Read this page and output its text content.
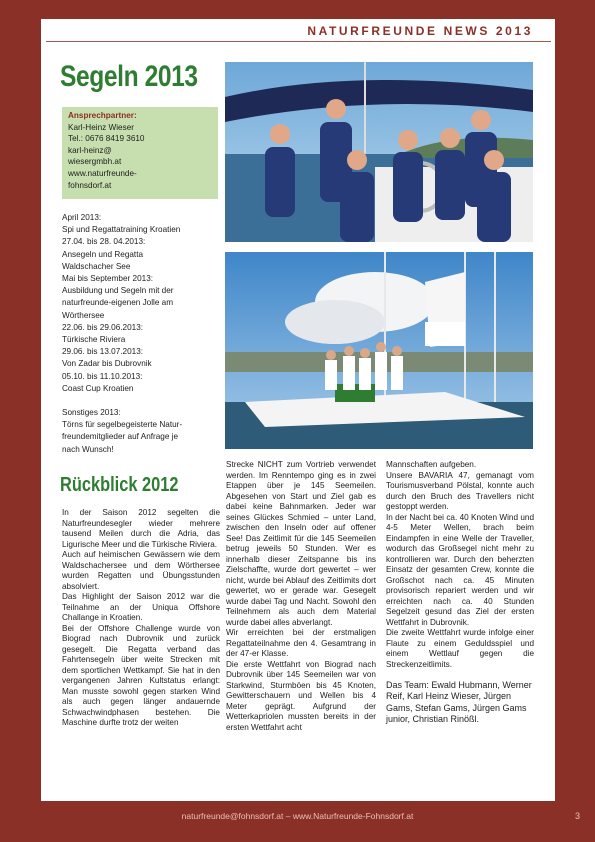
NATURFREUNDE NEWS 2013
Segeln 2013
Ansprechpartner:
Karl-Heinz Wieser
Tel.: 0676 8419 3610
karl-heinz@
wiesergmbh.at
www.naturfreunde-
fohnsdorf.at
April 2013:
Spi und Regattatraining Kroatien
27.04. bis 28. 04.2013:
Ansegeln und Regatta
Waldschacher See
Mai bis September 2013:
Ausbildung und Segeln mit der
naturfreunde-eigenen Jolle am
Wörthersee
22.06. bis 29.06.2013:
Türkische Riviera
29.06. bis 13.07.2013:
Von Zadar bis Dubrovnik
05.10. bis 11.10.2013:
Coast Cup Kroatien
Sonstiges 2013:
Törns für segelbegeisterte Natur-
freundemitglieder auf Anfrage je
nach Wunsch!
Rückblick 2012

In der Saison 2012 segelten die Naturfreundesegler wieder mehrere tausend Meilen durch die Adria, das Ligurische Meer und die Türkische Riviera.

Auch auf heimischen Gewässern wie dem Waldschachersee und dem Wörthersee wurden Regatten und Übungsstunden absolviert.

Das Highlight der Saison 2012 war die Teilnahme an der Uniqua Offshore Challange in Kroatien.

Bei der Offshore Challenge wurde von Biograd nach Dubrovnik und zurück gesegelt. Die Regatta verband das Fahrtensegeln über weite Strecken mit dem sportlichen Wettkampf. Sie hat in den vergangenen Jahren Kultstatus erlangt: Man musste sowohl gegen starken Wind als auch gegen länger andauernde Schwachwindphasen bestehen. Die Maschine durfte trotz der weiten

Strecke NICHT zum Vortrieb verwendet werden. Im Renntempo ging es in zwei Etappen über je 145 Seemeilen. Abgesehen von Start und Ziel gab es dabei keine Bahnmarken. Jeder war seines Glückes Schmied – unter Land, zwischen den Inseln oder auf offener See! Das Zeitlimit für die 145 Seemeilen betrug jeweils 50 Stunden. Wer es innerhalb dieser Zeitspanne bis ins Zielschaffte, wurde dort gewertet – wer nicht, wurde bei Ablauf des Zeitlimits dort gewertet, wo er gerade war. Gesegelt wurde dabei Tag und Nacht. Sowohl den Teilnehmern als auch dem Material wurde dabei alles abverlangt.

Wir erreichten bei der erstmaligen Regattateilnahme den 4. Gesamtrang in der 47-er Klasse.

Die erste Wettfahrt von Biograd nach Dubrovnik über 145 Seemeilen war von Starkwind, Sturmböen bis 45 Knoten, Gewitterschauern und Wellen bis 4 Meter geprägt. Aufgrund der Wetterkapriolen mussten bereits in der ersten Wettfahrt acht

Mannschaften aufgeben.

Unsere BAVARIA 47, gemanagt vom Tourismusverband Pölstal, konnte auch durch den Bruch des Travellers nicht gestoppt werden.

In der Nacht bei ca. 40 Knoten Wind und 4-5 Meter Wellen, brach beim Eindampfen in eine Welle der Traveller, wodurch das Großsegel nicht mehr zu kontrollieren war. Durch den beherzten Einsatz der gesamten Crew, konnte die Großschot nach ca. 45 Minuten provisorisch repariert werden und wir erreichten nach ca. 40 Stunden Segelzeit gesund das Ziel der ersten Wettfahrt in Dubrovnik.

Die zweite Wettfahrt wurde infolge einer Flaute zu einem Geduldsspiel und einem Wettlauf gegen die Streckenzeitlimits.

Das Team: Ewald Hubmann, Werner Reif, Karl Heinz Wieser, Jürgen Gams, Stefan Gams, Jürgen Gams junior, Christian Rinößl.

naturfreunde@fohnsdorf.at – www.Naturfreunde-Fohnsdorf.at	3
